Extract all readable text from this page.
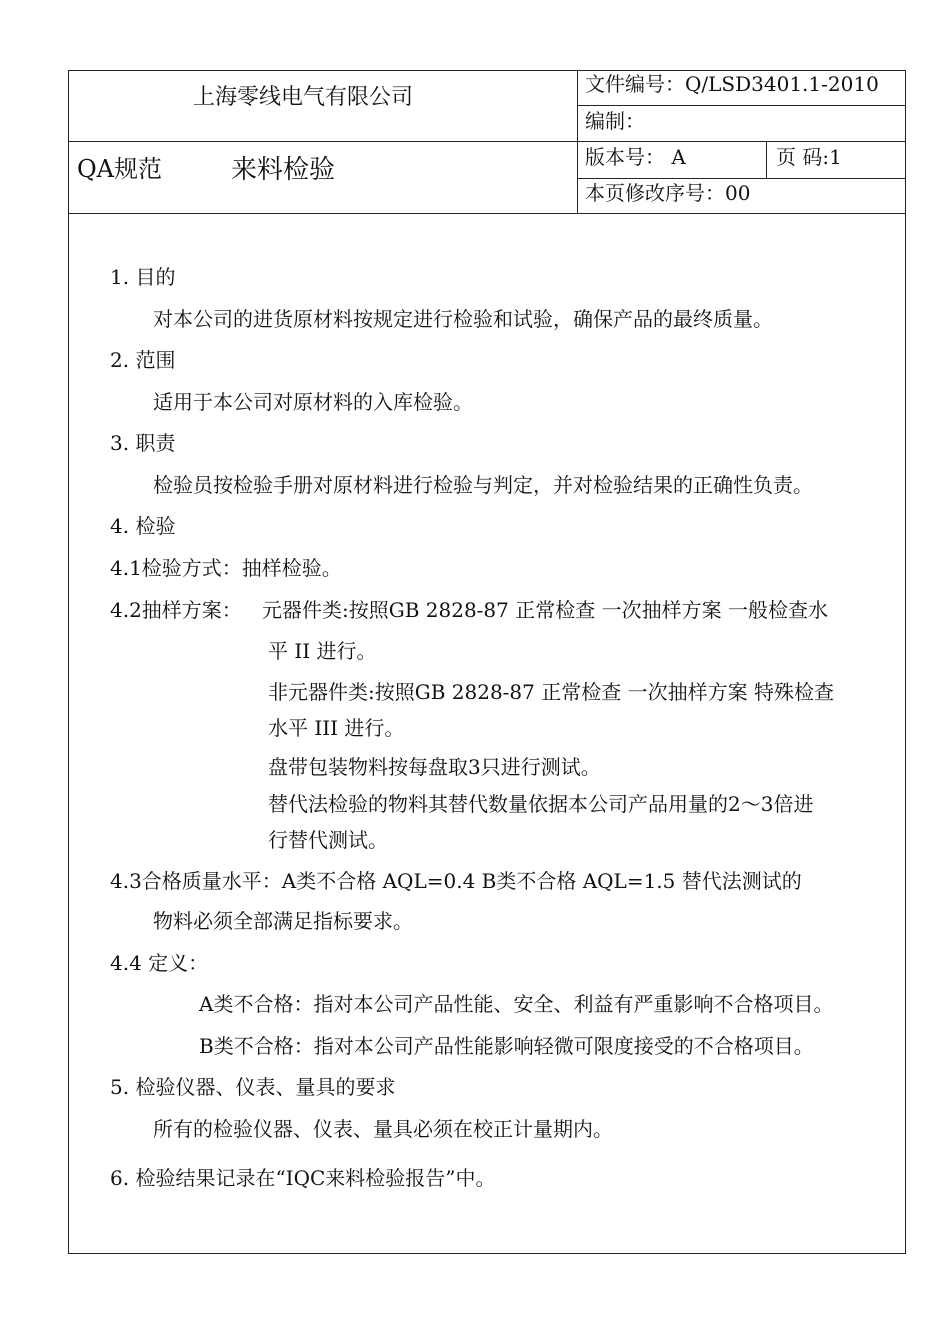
上海零线电气有限公司
文件编号：Q/LSD3401.1-2010
编制：
QA规范	来料检验	版本号： A	页 码:1
本页修改序号：00
1. 目的
对本公司的进货原材料按规定进行检验和试验，确保产品的最终质量。
2. 范围
适用于本公司对原材料的入库检验。
3. 职责
检验员按检验手册对原材料进行检验与判定，并对检验结果的正确性负责。
4. 检验
4.1检验方式：抽样检验。
4.2抽样方案： 元器件类:按照GB 2828-87 正常检查 一次抽样方案 一般检查水
平 II 进行。
非元器件类:按照GB 2828-87 正常检查 一次抽样方案 特殊检查
水平 III 进行。
盘带包装物料按每盘取3只进行测试。
替代法检验的物料其替代数量依据本公司产品用量的2～3倍进
行替代测试。
4.3合格质量水平：A类不合格 AQL=0.4 B类不合格 AQL=1.5 替代法测试的
物料必须全部满足指标要求。
4.4 定义：
A类不合格：指对本公司产品性能、安全、利益有严重影响不合格项目。
B类不合格：指对本公司产品性能影响轻微可限度接受的不合格项目。
5. 检验仪器、仪表、量具的要求
所有的检验仪器、仪表、量具必须在校正计量期内。
6. 检验结果记录在“IQC来料检验报告”中。
